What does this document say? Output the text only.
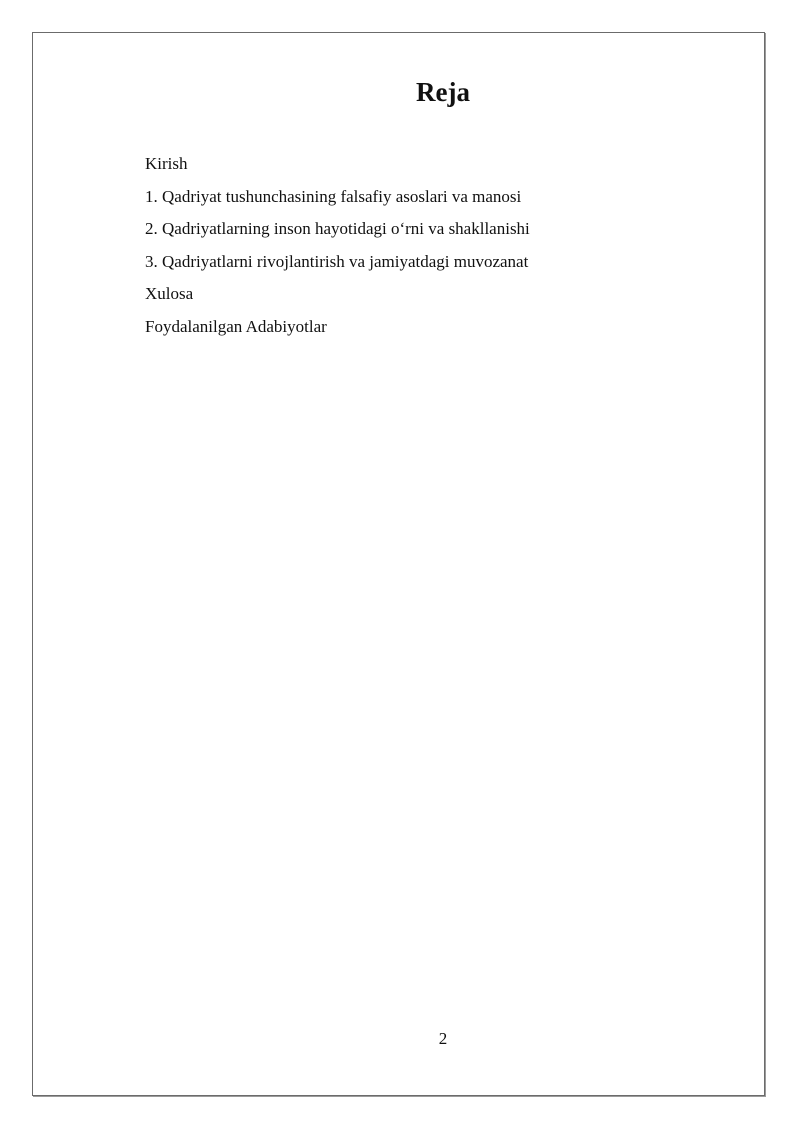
Reja
Kirish
1. Qadriyat tushunchasining falsafiy asoslari va manosi
2. Qadriyatlarning inson hayotidagi o‘rni va shakllanishi
3. Qadriyatlarni rivojlantirish va jamiyatdagi muvozanat
Xulosa
Foydalanilgan Adabiyotlar
2
